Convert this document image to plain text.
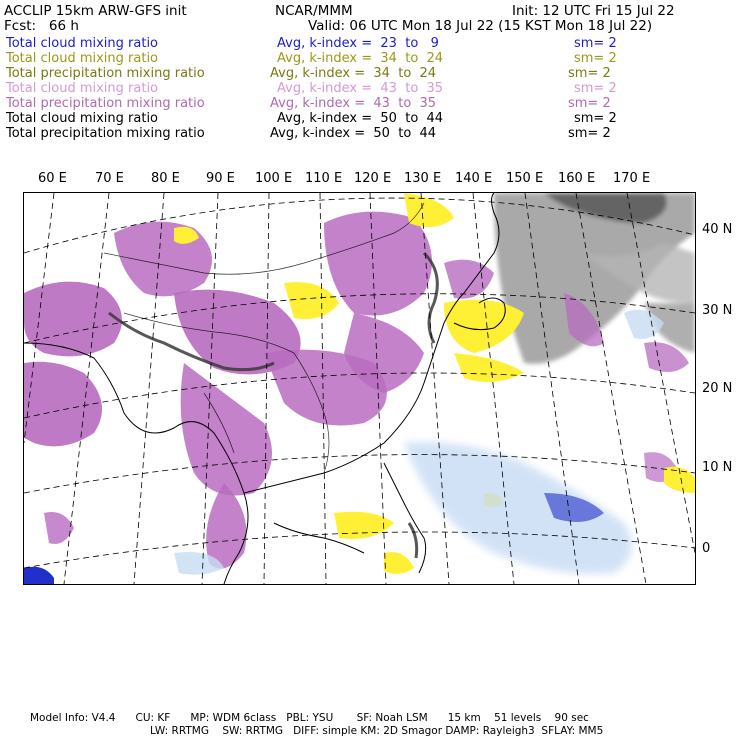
ACCLIP 15km ARW-GFS init	NCAR/MMM	Init: 12 UTC Fri 15 Jul 22
Fcst:   66 h	Valid: 06 UTC Mon 18 Jul 22 (15 KST Mon 18 Jul 22)
Total cloud mixing ratio	Avg, k-index =  23  to   9	sm= 2
Total cloud mixing ratio	Avg, k-index =  34  to  24	sm= 2
Total precipitation mixing ratio	Avg, k-index =  34  to  24	sm= 2
Total cloud mixing ratio	Avg, k-index =  43  to  35	sm= 2
Total precipitation mixing ratio	Avg, k-index =  43  to  35	sm= 2
Total cloud mixing ratio	Avg, k-index =  50  to  44	sm= 2
Total precipitation mixing ratio	Avg, k-index =  50  to  44	sm= 2
60 E 70 E 80 E 90 E 100 E 110 E 120 E 130 E 140 E 150 E 160 E 170 E
40 N
30 N
20 N
10 N
0
Model Info: V4.4      CU: KF      MP: WDM 6class   PBL: YSU       SF: Noah LSM      15 km    51 levels    90 sec
LW: RRTMG    SW: RRTMG   DIFF: simple KM: 2D Smagor DAMP: Rayleigh3  SFLAY: MM5
